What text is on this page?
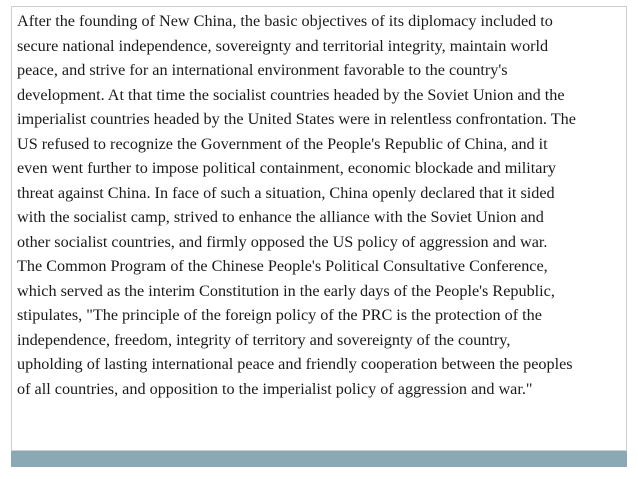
After the founding of New China, the basic objectives of its diplomacy included to
secure national independence, sovereignty and territorial integrity, maintain world
peace, and strive for an international environment favorable to the country's
development. At that time the socialist countries headed by the Soviet Union and the
imperialist countries headed by the United States were in relentless confrontation. The
US refused to recognize the Government of the People's Republic of China, and it
even went further to impose political containment, economic blockade and military
threat against China. In face of such a situation, China openly declared that it sided
with the socialist camp, strived to enhance the alliance with the Soviet Union and
other socialist countries, and firmly opposed the US policy of aggression and war.
The Common Program of the Chinese People's Political Consultative Conference,
which served as the interim Constitution in the early days of the People's Republic,
stipulates, "The principle of the foreign policy of the PRC is the protection of the
independence, freedom, integrity of territory and sovereignty of the country,
upholding of lasting international peace and friendly cooperation between the peoples
of all countries, and opposition to the imperialist policy of aggression and war."
